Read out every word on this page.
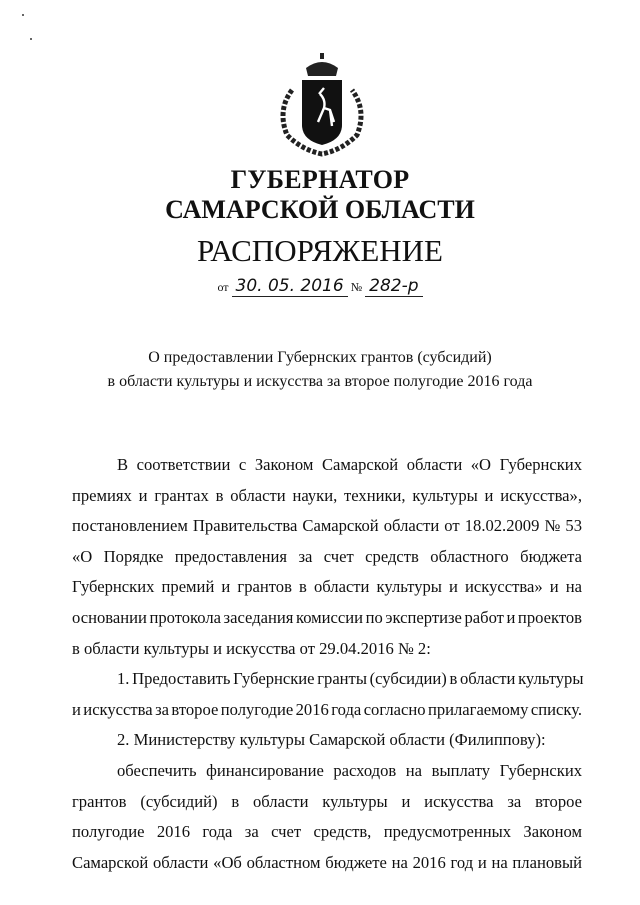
ГУБЕРНАТОР
САМАРСКОЙ ОБЛАСТИ
РАСПОРЯЖЕНИЕ
от 30. 05. 2016 № 282-р
О предоставлении Губернских грантов (субсидий)
в области культуры и искусства за второе полугодие 2016 года
В соответствии с Законом Самарской области «О Губернских
премиях и грантах в области науки, техники, культуры и искусства»,
постановлением Правительства Самарской области от 18.02.2009 № 53
«О Порядке предоставления за счет средств областного бюджета
Губернских премий и грантов в области культуры и искусства» и на
основании протокола заседания комиссии по экспертизе работ и проектов
в области культуры и искусства от 29.04.2016 № 2:
1. Предоставить Губернские гранты (субсидии) в области культуры
и искусства за второе полугодие 2016 года согласно прилагаемому списку.
2. Министерству культуры Самарской области (Филиппову):
обеспечить финансирование расходов на выплату Губернских
грантов (субсидий) в области культуры и искусства за второе
полугодие 2016 года за счет средств, предусмотренных Законом
Самарской области «Об областном бюджете на 2016 год и на плановый
